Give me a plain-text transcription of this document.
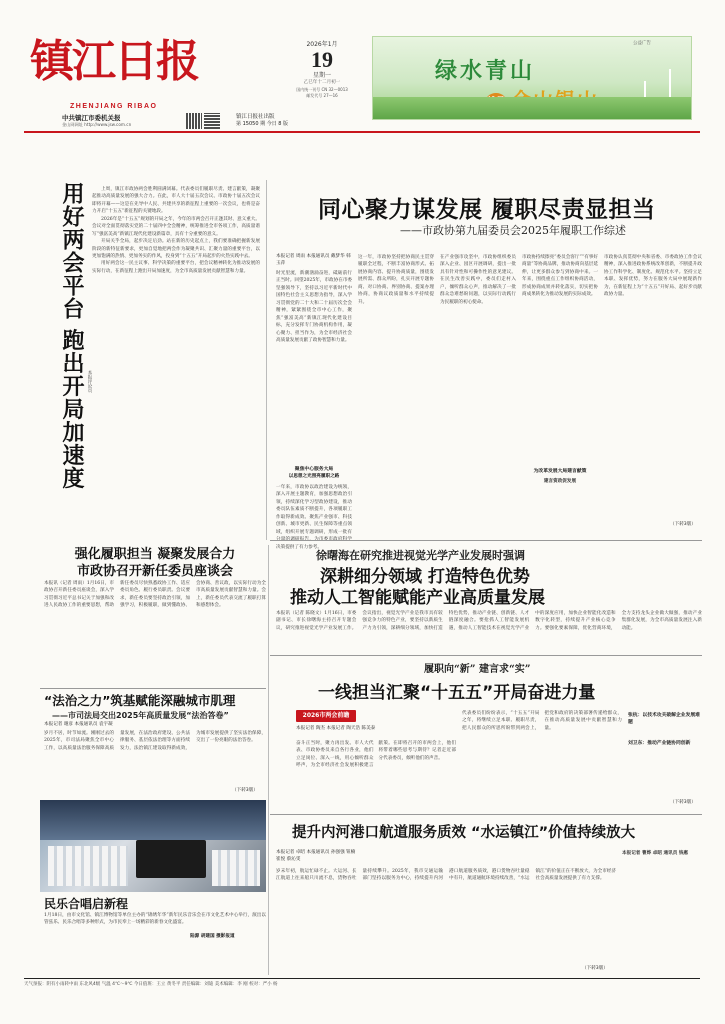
镇江日报
ZHENJIANG RIBAO
2026年1月
19
星期一
乙巳年十二月初一
国内统一刊号 CN 32—0013
邮发代号 27—16
中共镇江市委机关报
金山网网址 http://www.jsw.com.cn
镇江日报社出版
第 15050 期 今日 8 版
公益广告
绿水青山
用好两会平台 跑出开局加速度 本报评论员

上周，镇江市政协两会胜利圆满闭幕。代表委员们履职尽责、建言献策，凝聚起推动高质量发展的强大合力。在此，市人大十届五次会议、市政协十届五次会议即将开幕——这是在先导中人民、共建共享的新征程上重要的一次会议，也将是奋力开启“十五五”新征程的关键地段。

2026年是“十五五”规划的开局之年，今年的市两会召开正逢其时、意义重大。会议对全面贯彻落实党的二十届四中全会精神，统筹推进全市各项工作，高质量谱写“强富美高”新镇江现代化建设新篇章，具有十分重要的意义。

开局关乎全局，起步决定后劲。站在新的历史起点上，我们要准确把握新发展阶段的新特征新要求，更加自觉地把两会作为凝聚共识、汇聚力量的重要平台，以更加饱满的热情、更加务实的作风，投身到“十五五”开局起步的火热实践中去。

用好两会这一民主议事、科学决策的重要平台，把会议精神转化为推动发展的实际行动，在新征程上跑出开局加速度，为全市高质量发展贡献智慧和力量。

同心聚力谋发展 履职尽责显担当
——市政协第九届委员会2025年履职工作综述
本报记者 周雨 本报通讯员 戴梦华 韩玉萍
时光里流，新潮汹涌奋进，砥砺前行正当时。回望2025年，市政协在市委坚强领导下，坚持以习近平新时代中国特色社会主义思想为指导，深入学习贯彻党的二十大和二十届历次全会精神，紧紧围绕全市中心工作，聚焦“强富美高”新镇江现代化建设目标，充分发挥专门协商机构作用，凝心聚力、担当作为，为全市经济社会高质量发展贡献了政协智慧和力量。
聚焦中心服务大局
以思想之光照亮履职之路
一年来，市政协以政治建设为统领，深入开展主题教育，加强思想政治引领，持续深化学习型政协建设，推动委员队伍素质不断提升，各项履职工作取得新成效。聚焦产业强市、科技创新、城市更新、民生保障等重点领域，组织开展专题调研，形成一批有分量的调研报告，为市委市政府科学决策提供了有力参考。
这一年，市政协坚持把协商民主贯穿履职全过程，不断丰富协商形式、拓展协商内容、提升协商质量，围绕发展所需、群众所盼，扎实开展专题协商、对口协商、界别协商、提案办理协商，协商议政质量和水平持续提升。
在产业强市攻坚中，市政协组织委员深入企业、园区开展调研，提出一批具有针对性和可操作性的意见建议。在民生改善实践中，委员们走村入户，倾听群众心声，推动解决了一批群众急难愁盼问题，以实际行动践行为民履职的初心使命。
市政协持续擦亮“委员会客厅”“有事好商量”等协商品牌，推动协商向基层延伸，让更多群众参与到协商中来。一年来，围绕重点工作组织协商活动，形成协商成果并转化落实，切实把协商成果转化为推动发展的实际成效。
为改革发展大局建言献策
建言资政促发展
市政协认真贯彻中央和省委、市委政协工作会议精神，深入推进政协系统改革创新，不断提升政协工作科学化、制度化、规范化水平。坚持立足本职、发挥优势，努力在服务大局中展现新作为，在新征程上为“十五五”开好局、起好步贡献政协力量。
（下转3版）
徐曙海在研究推进视觉光学产业发展时强调
深耕细分领域 打造特色优势
推动人工智能赋能产业高质量发展
本报讯（记者 陈晓文）1月16日，市委副书记、市长徐曙海主持召开专题会议，研究推进视觉光学产业发展工作。会议指出，视觉光学产业是我市具有较强竞争力的特色产业，要坚持以新质生产力为引领，深耕细分领域，加快打造特色优势，推动产业链、创新链、人才链深度融合。要抢抓人工智能发展机遇，推动人工智能技术在视觉光学产业中的深度应用，加快企业智能化改造和数字化转型，持续提升产业核心竞争力。要强化要素保障，优化营商环境，全力支持龙头企业做大做强，推动产业集群化发展，为全市高质量发展注入新动能。
强化履职担当 凝聚发展合力
市政协召开新任委员座谈会
本报讯（记者 周雨）1月16日，市政协召开新任委员座谈会，深入学习贯彻习近平总书记关于加强和改进人民政协工作的重要思想，帮助新任委员尽快熟悉政协工作、适应委员角色、履行委员职责。会议要求，新任委员要坚持政治引领，加强学习，积极履职，做到懂政协、会协商、善议政，以实际行动为全市高质量发展贡献智慧和力量。会上，新任委员代表交流了履职打算和感想体会。
“法治之力”筑基赋能深融城市肌理
——市司法局交出2025年高质量发展“法治答卷”
本报记者 谢彦 本报通讯员 袁宇凝
岁月不居，时节如流。刚刚过去的2025年，市司法局聚焦全市中心工作，以高质量法治服务保障高质量发展，在法治政府建设、公共法律服务、基层依法治理等方面持续发力，法治镇江建设取得新成效，为城市发展提供了坚实法治保障，交出了一份亮眼的法治答卷。
（下转3版）
民乐合唱启新程
1月18日，由市文化馆、镇江博物馆等单位主办的“锦绣年华”新年民乐音乐会在市文化艺术中心举行，演出以管弦乐、民乐合唱等多种形式，为市民奉上一场精彩的新春文化盛宴。
陆源 胡建国 摄影报道
履职向“新” 建言求“实”
一线担当汇聚“十五五”开局奋进力量
2026市两会前瞻
本报记者 陶杰 本报记者 陶天浩 陈美泰
奋斗正当时，聚力再出发。市人大代表、市政协委员来自各行各业，他们立足岗位、深入一线，用心倾听群众呼声，为全市经济社会发展积极建言献策。在即将召开的市两会上，他们将带着哪些思考与期待？记者走近部分代表委员，倾听他们的声音。
代表委员们纷纷表示，“十五五”开局之年，将继续立足本职、履职尽责，把人民群众的所思所盼带到两会上，把党和政府的决策部署传递给群众，在推动高质量发展中贡献智慧和力量。
张杭：以技术攻关破解企业发展难题
刘卫东：推动产业链协同创新
（下转3版）
提升内河港口航道服务质效 “水运镇江”价值持续放大
本报记者 卓昭 本报通讯员 孙强强 钮楠 崔悦 蔡沁雯
岁末年初，航运忙碌不止。大运河、长江航道上往来船只川流不息，货物吞吐量持续攀升。2025年，我市交通运输部门坚持以服务为中心，持续提升内河港口航道服务质效，港口货物吞吐量稳中有升，航道通航环境持续改善，“水运镇江”的价值正在不断放大，为全市经济社会高质量发展提供了有力支撑。
（下转3版）
本报记者 曹烨 卓昭 通讯员 钱惠
天气预报：阴有小雨转中雨 东北风4级 气温 4℃～9℃ 今日值班：王立 黄冬平 责任编辑：刘迪 美术编辑：李 刚 校对：严小 杨
